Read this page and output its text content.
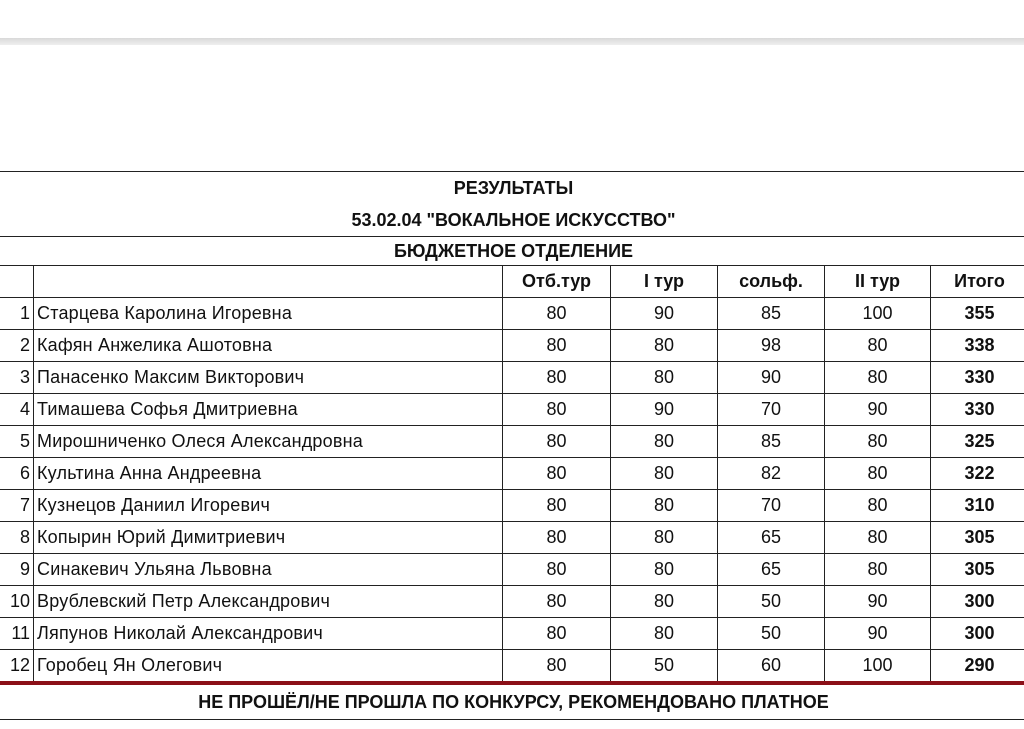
РЕЗУЛЬТАТЫ						
53.02.04 "ВОКАЛЬНОЕ ИСКУССТВО"						
БЮДЖЕТНОЕ ОТДЕЛЕНИЕ						
		Отб.тур	I тур	сольф.	II тур	Итого
1	Старцева Каролина Игоревна	80	90	85	100	355
2	Кафян Анжелика Ашотовна	80	80	98	80	338
3	Панасенко Максим Викторович	80	80	90	80	330
4	Тимашева Софья Дмитриевна	80	90	70	90	330
5	Мирошниченко Олеся Александровна	80	80	85	80	325
6	Культина Анна Андреевна	80	80	82	80	322
7	Кузнецов Даниил Игоревич	80	80	70	80	310
8	Копырин Юрий Димитриевич	80	80	65	80	305
9	Синакевич Ульяна Львовна	80	80	65	80	305
10	Врублевский Петр Александрович	80	80	50	90	300
11	Ляпунов Николай Александрович	80	80	50	90	300
12	Горобец Ян Олегович	80	50	60	100	290
НЕ ПРОШЁЛ/НЕ ПРОШЛА ПО КОНКУРСУ, РЕКОМЕНДОВАНО ПЛАТНОЕ						
